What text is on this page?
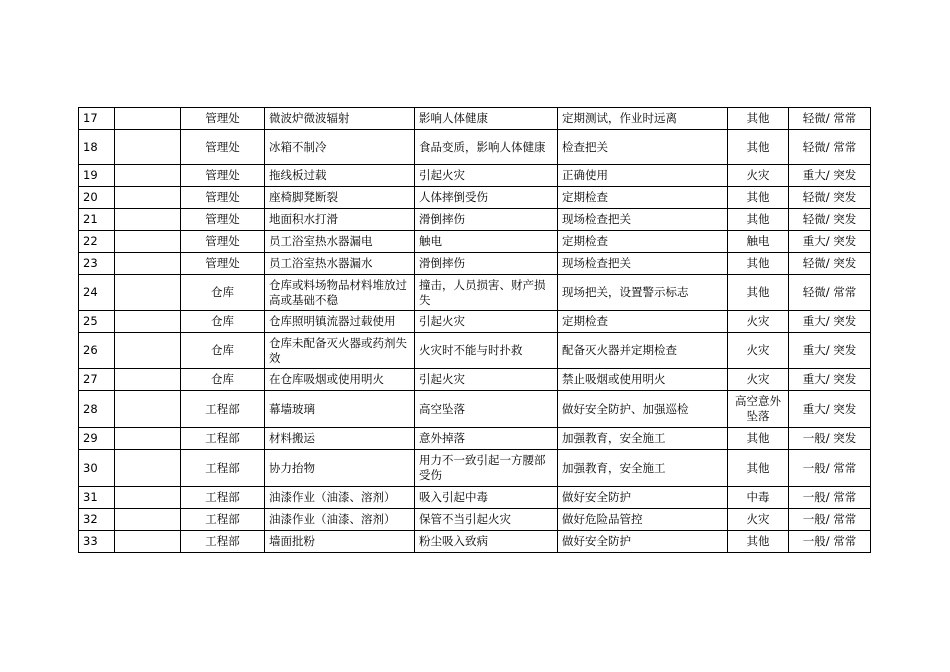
17		管理处	微波炉微波辐射	影响人体健康	定期测试，作业时远离	其他	轻微/ 常常
18		管理处	冰箱不制冷	食品变质，影响人体健康	检查把关	其他	轻微/ 常常
19		管理处	拖线板过载	引起火灾	正确使用	火灾	重大/ 突发
20		管理处	座椅脚凳断裂	人体摔倒受伤	定期检查	其他	轻微/ 突发
21		管理处	地面积水打滑	滑倒摔伤	现场检查把关	其他	轻微/ 突发
22		管理处	员工浴室热水器漏电	触电	定期检查	触电	重大/ 突发
23		管理处	员工浴室热水器漏水	滑倒摔伤	现场检查把关	其他	轻微/ 突发
24		仓库	仓库或料场物品材料堆放过高或基础不稳	撞击，人员损害、财产损失	现场把关，设置警示标志	其他	轻微/ 常常
25		仓库	仓库照明镇流器过载使用	引起火灾	定期检查	火灾	重大/ 突发
26		仓库	仓库未配备灭火器或药剂失效	火灾时不能与时扑救	配备灭火器并定期检查	火灾	重大/ 突发
27		仓库	在仓库吸烟或使用明火	引起火灾	禁止吸烟或使用明火	火灾	重大/ 突发
28		工程部	幕墙玻璃	高空坠落	做好安全防护、加强巡检	高空意外坠落	重大/ 突发
29		工程部	材料搬运	意外掉落	加强教育，安全施工	其他	一般/ 突发
30		工程部	协力抬物	用力不一致引起一方腰部受伤	加强教育，安全施工	其他	一般/ 常常
31		工程部	油漆作业（油漆、溶剂）	吸入引起中毒	做好安全防护	中毒	一般/ 常常
32		工程部	油漆作业（油漆、溶剂）	保管不当引起火灾	做好危险品管控	火灾	一般/ 常常
33		工程部	墙面批粉	粉尘吸入致病	做好安全防护	其他	一般/ 常常
